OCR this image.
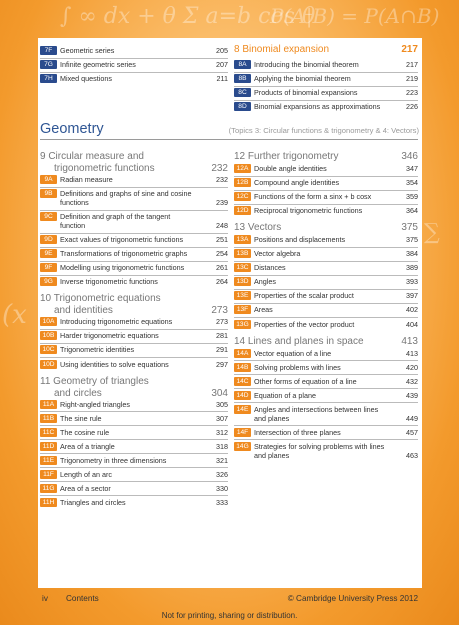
∫ ∞ dx + θ Σ a=b cos θ
P(A|B) = P(A∩B)
(x
∑
7F	Geometric series	205
7G Infinite geometric series	207
7H	Mixed questions	211
8 Binomial expansion	217
8A	Introducing the binomial theorem	217
8B	Applying the binomial theorem	219
8C	Products of binomial expansions	223
8D	Binomial expansions as approximations	226
9 Circular measure and
trigonometric functions	232
9A	Radian measure	232
9B	Definitions and graphs of sine and cosine
functions	239
9C	Definition and graph of the tangent
function	248
9D	Exact values of trigonometric functions	251
9E	Transformations of trigonometric graphs	254
9F	Modelling using trigonometric functions	261
9G Inverse trigonometric functions	264
10 Trigonometric equations
and identities	273
10A Introducing trigonometric equations	273
10B Harder trigonometric equations	281
10C Trigonometric identities	291
10D Using identities to solve equations	297
11 Geometry of triangles
and circles	304
11A Right-angled triangles	305
11B The sine rule	307
11C The cosine rule	312
11D Area of a triangle	318
11E Trigonometry in three dimensions	321
11F Length of an arc	326
11G Area of a sector	330
11H Triangles and circles	333
12 Further trigonometry	346
12A Double angle identities	347
12B Compound angle identities	354
12C Functions of the form a sinx + b cosx	359
12D Reciprocal trigonometric functions	364
13 Vectors	375
13A Positions and displacements	375
13B Vector algebra	384
13C Distances	389
13D Angles	393
13E Properties of the scalar product	397
13F Areas	402
13G Properties of the vector product	404
14 Lines and planes in space	413
14A Vector equation of a line	413
14B Solving problems with lines	420
14C Other forms of equation of a line	432
14D Equation of a plane	439
14E Angles and intersections between lines
and planes	449
14F Intersection of three planes	457
14G Strategies for solving problems with lines
and planes	463
Geometry	(Topics 3: Circular functions & trigonometry & 4: Vectors)
iv	Contents	© Cambridge University Press 2012
Not for printing, sharing or distribution.
